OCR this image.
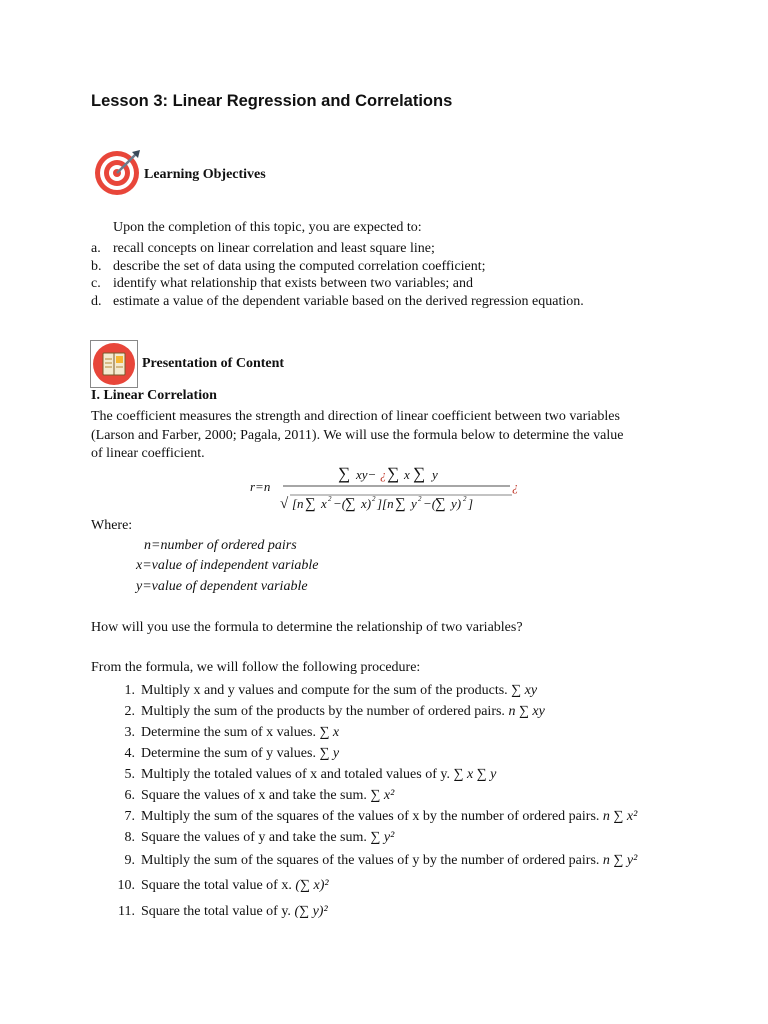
Lesson 3: Linear Regression and Correlations
Learning Objectives
Upon the completion of this topic, you are expected to:
a. recall concepts on linear correlation and least square line;
b. describe the set of data using the computed correlation coefficient;
c. identify what relationship that exists between two variables; and
d. estimate a value of the dependent variable based on the derived regression equation.
Presentation of Content
I. Linear Correlation
The coefficient measures the strength and direction of linear coefficient between two variables
(Larson and Farber, 2000; Pagala, 2011). We will use the formula below to determine the value
of linear coefficient.
r=n
∑ xy− ¿ ∑ x ∑ y
√ [n ∑ x 2 −(
∑ x) 2 ][n ∑ y 2 −(
∑ y) 2 ]
¿
Where:
n=number of ordered pairs
x=value of independent variable
y=value of dependent variable
How will you use the formula to determine the relationship of two variables?
From the formula, we will follow the following procedure:
1. Multiply x and y values and compute for the sum of the products. ∑ xy
2. Multiply the sum of the products by the number of ordered pairs. n ∑ xy
3. Determine the sum of x values. ∑ x
4. Determine the sum of y values. ∑ y
5. Multiply the totaled values of x and totaled values of y. ∑ x ∑ y
6. Square the values of x and take the sum. ∑ x²
7. Multiply the sum of the squares of the values of x by the number of ordered pairs. n ∑ x²
8. Square the values of y and take the sum. ∑ y²
9. Multiply the sum of the squares of the values of y by the number of ordered pairs. n ∑ y²
10. Square the total value of x. (∑ x)²
11. Square the total value of y. (∑ y)²
